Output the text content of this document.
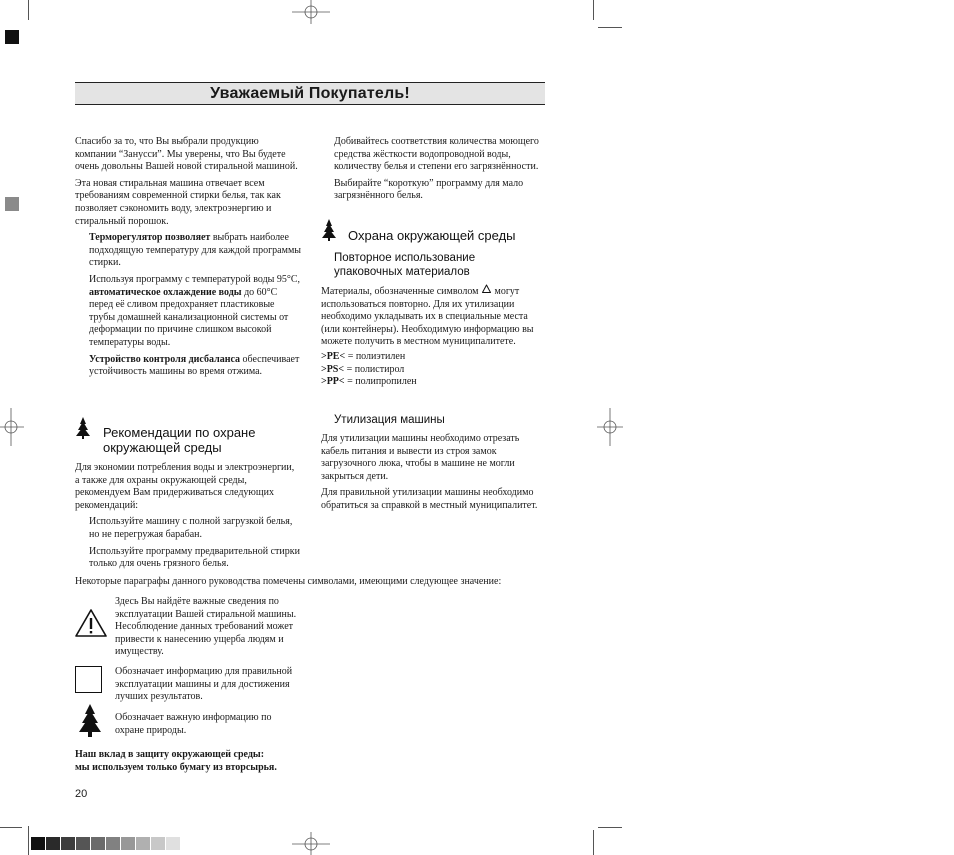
Уважаемый Покупатель!

Спасибо за то, что Вы выбрали продукцию компании “Занусси”. Мы уверены, что Вы будете очень довольны Вашей новой стиральной машиной.

Эта новая стиральная машина отвечает всем требованиям современной стирки белья, так как позволяет сэкономить воду, электроэнергию и стиральный порошок.

Терморегулятор позволяет выбрать наиболее подходящую температуру для каждой программы стирки.

Используя программу с температурой воды 95°C, автоматическое охлаждение воды до 60°C перед её сливом предохраняет пластиковые трубы домашней канализационной системы от деформации по причине слишком высокой температуры воды.

Устройство контроля дисбаланса обеспечивает устойчивость машины во время отжима.

Рекомендации по охране окружающей среды

Для экономии потребления воды и электроэнергии, а также для охраны окружающей среды, рекомендуем Вам придерживаться следующих рекомендаций:

Используйте машину с полной загрузкой белья, но не перегружая барабан.

Используйте программу предварительной стирки только для очень грязного белья.

Добивайтесь соответствия количества моющего средства жёсткости водопроводной воды, количеству белья и степени его загрязнённости.

Выбирайте “короткую” программу для мало загрязнённого белья.

Охрана окружающей среды
Повторное использование упаковочных материалов

Материалы, обозначенные символом могут использоваться повторно. Для их утилизации необходимо укладывать их в специальные места (или контейнеры). Необходимую информацию вы можете получить в местном муниципалитете.

>PE< = полиэтилен
>PS< = полистирол
>PP< = полипропилен
Утилизация машины

Для утилизации машины необходимо отрезать кабель питания и вывести из строя замок загрузочного люка, чтобы в машине не могли закрыться дети.

Для правильной утилизации машины необходимо обратиться за справкой в местный муниципалитет.

Некоторые параграфы данного руководства помечены символами, имеющими следующее значение:
Здесь Вы найдёте важные сведения по эксплуатации Вашей стиральной машины. Несоблюдение данных требований может привести к нанесению ущерба людям и имуществу.
Обозначает информацию для правильной эксплуатации машины и для достижения лучших результатов.
Обозначает важную информацию по охране природы.
Наш вклад в защиту окружающей среды:
мы используем только бумагу из вторсырья.
20
